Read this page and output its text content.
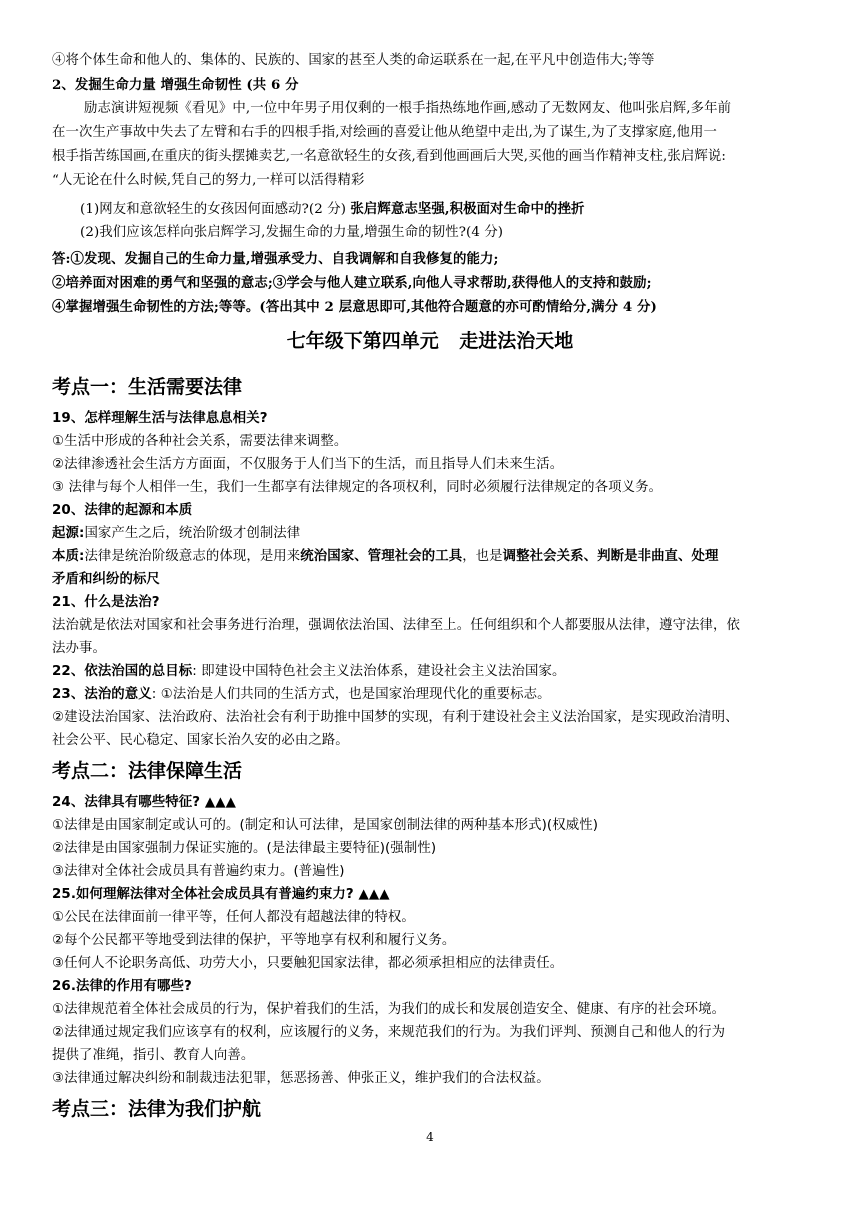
④将个体生命和他人的、集体的、民族的、国家的甚至人类的命运联系在一起,在平凡中创造伟大;等等
2、发掘生命力量 增强生命韧性 (共 6 分
励志演讲短视频《看见》中,一位中年男子用仅剩的一根手指热练地作画,感动了无数网友、他叫张启辉,多年前
在一次生产事故中失去了左臂和右手的四根手指,对绘画的喜爱让他从绝望中走出,为了谋生,为了支撑家庭,他用一
根手指苦练国画,在重庆的街头摆摊卖艺,一名意欲轻生的女孩,看到他画画后大哭,买他的画当作精神支柱,张启辉说:
“人无论在什么时候,凭自己的努力,一样可以活得精彩
(1)网友和意欲轻生的女孩因何面感动?(2 分) 张启辉意志坚强,积极面对生命中的挫折
(2)我们应该怎样向张启辉学习,发掘生命的力量,增强生命的韧性?(4 分)
答:①发现、发掘自己的生命力量,增强承受力、自我调解和自我修复的能力;
②培养面对困难的勇气和坚强的意志;③学会与他人建立联系,向他人寻求帮助,获得他人的支持和鼓励;
④掌握增强生命韧性的方法;等等。(答出其中 2 层意思即可,其他符合题意的亦可酌情给分,满分 4 分)
七年级下第四单元 走进法治天地
考点一：生活需要法律
19、怎样理解生活与法律息息相关?
①生活中形成的各种社会关系，需要法律来调整。
②法律渗透社会生活方方面面，不仅服务于人们当下的生活，而且指导人们未来生活。
③ 法律与每个人相伴一生，我们一生都享有法律规定的各项权利，同时必须履行法律规定的各项义务。
20、法律的起源和本质
起源:国家产生之后，统治阶级才创制法律
本质:法律是统治阶级意志的体现，是用来统治国家、管理社会的工具，也是调整社会关系、判断是非曲直、处理
矛盾和纠纷的标尺
21、什么是法治?
法治就是依法对国家和社会事务进行治理，强调依法治国、法律至上。任何组织和个人都要服从法律，遵守法律，依
法办事。
22、依法治国的总目标: 即建设中国特色社会主义法治体系，建设社会主义法治国家。
23、法治的意义: ①法治是人们共同的生活方式，也是国家治理现代化的重要标志。
②建设法治国家、法治政府、法治社会有利于助推中国梦的实现，有利于建设社会主义法治国家，是实现政治清明、
社会公平、民心稳定、国家长治久安的必由之路。
考点二：法律保障生活
24、法律具有哪些特征? ▲▲▲
①法律是由国家制定或认可的。(制定和认可法律，是国家创制法律的两种基本形式)(权威性)
②法律是由国家强制力保证实施的。(是法律最主要特征)(强制性)
③法律对全体社会成员具有普遍约束力。(普遍性)
25.如何理解法律对全体社会成员具有普遍约束力? ▲▲▲
①公民在法律面前一律平等，任何人都没有超越法律的特权。
②每个公民都平等地受到法律的保护，平等地享有权利和履行义务。
③任何人不论职务高低、功劳大小，只要触犯国家法律，都必须承担相应的法律责任。
26.法律的作用有哪些?
①法律规范着全体社会成员的行为，保护着我们的生活，为我们的成长和发展创造安全、健康、有序的社会环境。
②法律通过规定我们应该享有的权利，应该履行的义务，来规范我们的行为。为我们评判、预测自己和他人的行为
提供了准绳，指引、教育人向善。
③法律通过解决纠纷和制裁违法犯罪，惩恶扬善、伸张正义，维护我们的合法权益。
考点三：法律为我们护航
4
